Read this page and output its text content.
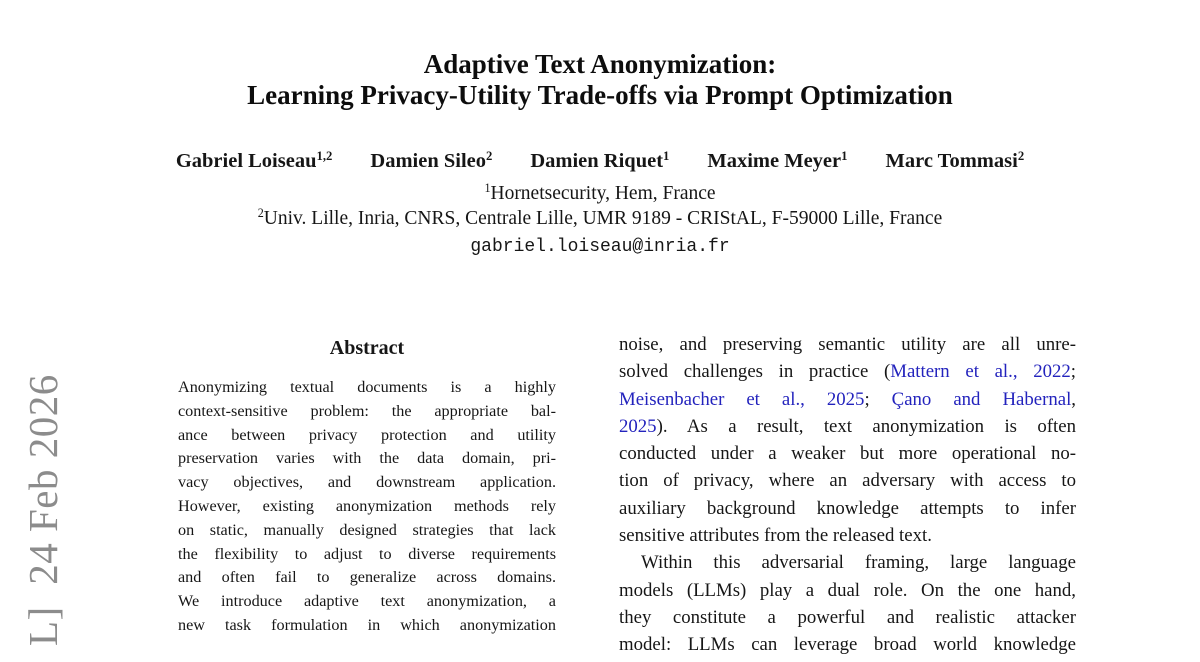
L]  24 Feb 2026
Adaptive Text Anonymization:
Learning Privacy-Utility Trade-offs via Prompt Optimization
Gabriel Loiseau$^{1,2}$ Damien Sileo$^2$ Damien Riquet$^1$ Maxime Meyer$^1$ Marc Tommasi$^2$
$^1$Hornetsecurity, Hem, France
$^2$Univ. Lille, Inria, CNRS, Centrale Lille, UMR 9189 - CRIStAL, F-59000 Lille, France
gabriel.loiseau@inria.fr
Abstract
Anonymizing textual documents is a highly
context-sensitive problem: the appropriate bal-
ance between privacy protection and utility
preservation varies with the data domain, pri-
vacy objectives, and downstream application.
However, existing anonymization methods rely
on static, manually designed strategies that lack
the flexibility to adjust to diverse requirements
and often fail to generalize across domains.
We introduce adaptive text anonymization, a
new task formulation in which anonymization
noise, and preserving semantic utility are all unre-
solved challenges in practice (Mattern et al., 2022;
Meisenbacher et al., 2025; Çano and Habernal,
2025). As a result, text anonymization is often
conducted under a weaker but more operational no-
tion of privacy, where an adversary with access to
auxiliary background knowledge attempts to infer
sensitive attributes from the released text.
Within this adversarial framing, large language
models (LLMs) play a dual role. On the one hand,
they constitute a powerful and realistic attacker
model: LLMs can leverage broad world knowledge
